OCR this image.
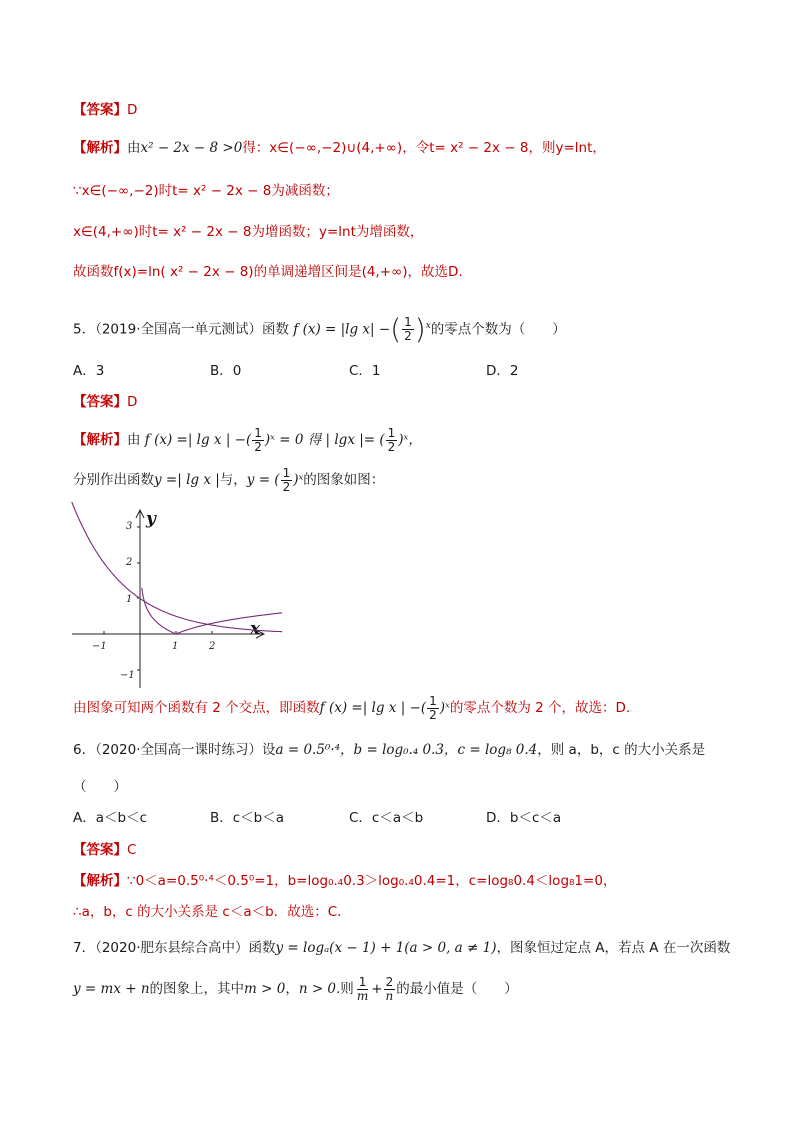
【答案】D
【解析】由x² − 2x − 8 >0得：x∈(−∞,−2)∪(4,+∞)，令t= x² − 2x − 8，则y=lnt，
∵x∈(−∞,−2)时t= x² − 2x − 8为减函数；
x∈(4,+∞)时t= x² − 2x − 8为增函数；y=lnt为增函数，
故函数f(x)=ln( x² − 2x − 8)的单调递增区间是(4,+∞)，故选D.
5．（2019·全国高一单元测试）函数 f (x) = |lg x| −( $\frac{1}{2} )^x$的零点个数为（　　）
A．3	B．0	C．1	D．2
【答案】D
【解析】由 f (x) =| lg x | −( $\frac{1}{2}$ )ˣ = 0 得 | lgx |= ( $\frac{1}{2}$ )ˣ，
分别作出函数y =| lg x |与，y = ( $\frac{1}{2}$ )ˣ的图象如图：
3
2
1
−1
−1	1	2
y
x
由图象可知两个函数有 2 个交点，即函数f (x) =| lg x | −( $\frac{1}{2}$ )ˣ的零点个数为 2 个，故选：D.
6．（2020·全国高一课时练习）设a = 0.5⁰·⁴，b = log₀.₄ 0.3，c = log₈ 0.4，则 a，b，c 的大小关系是
（　　）
A．a＜b＜c	B．c＜b＜a	C．c＜a＜b	D．b＜c＜a
【答案】C
【解析】∵0＜a=0.5⁰·⁴＜0.5⁰=1，b=log₀.₄0.3＞log₀.₄0.4=1，c=log₈0.4＜log₈1=0，
∴a，b，c 的大小关系是 c＜a＜b．故选：C．
7．（2020·肥东县综合高中）函数y = logₐ(x − 1) + 1(a > 0, a ≠ 1)，图象恒过定点 A，若点 A 在一次函数
y = mx + n的图象上，其中m > 0，n > 0.则 $\frac{1}{m} + \frac{2}{n}$ 的最小值是（　　）
